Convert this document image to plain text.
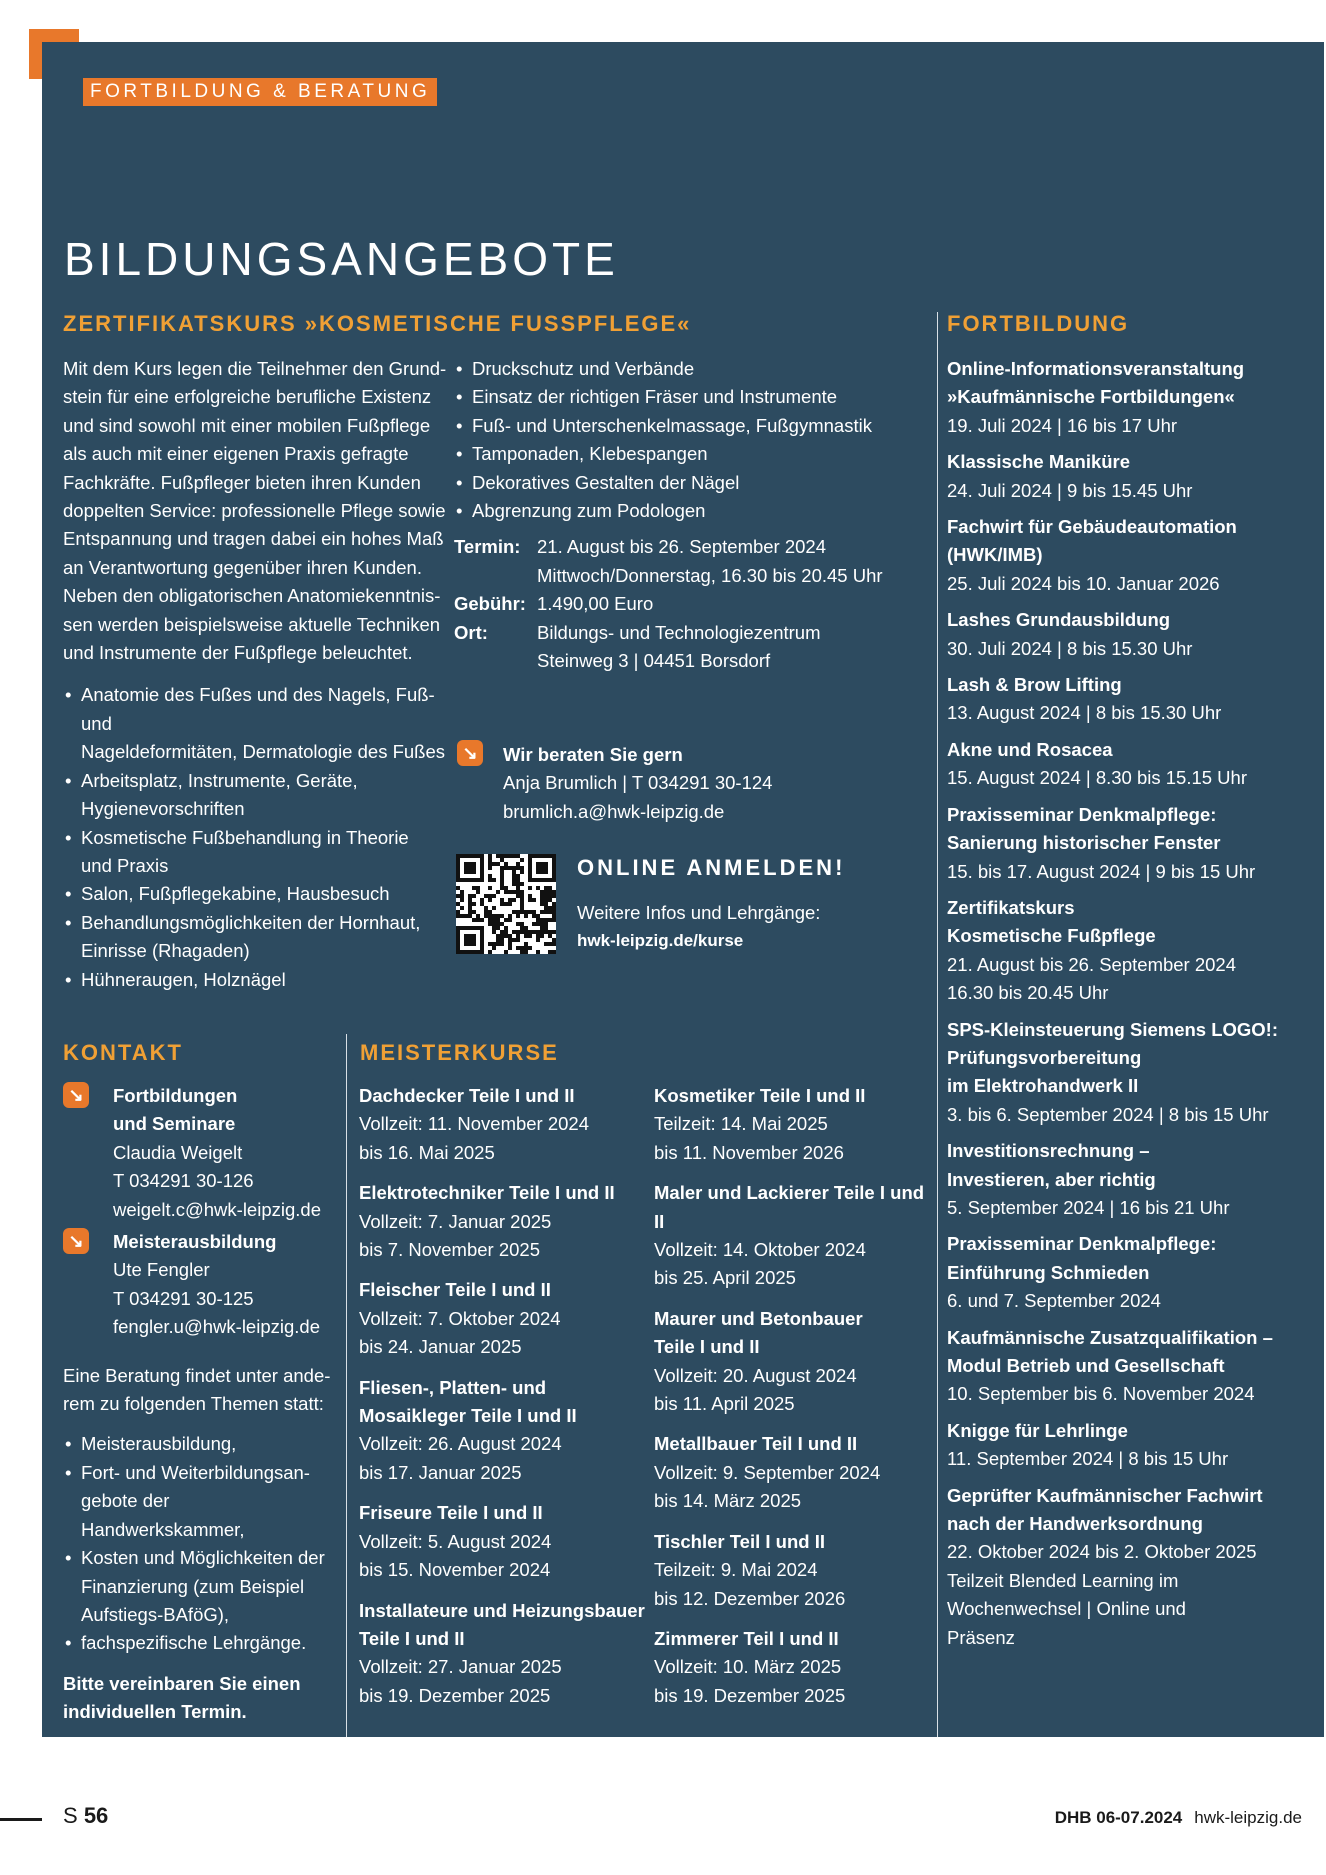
FORTBILDUNG & BERATUNG
BILDUNGSANGEBOTE
ZERTIFIKATSKURS »KOSMETISCHE FUSSPFLEGE«
Mit dem Kurs legen die Teilnehmer den Grund-
stein für eine erfolgreiche berufliche Existenz
und sind sowohl mit einer mobilen Fußpflege
als auch mit einer eigenen Praxis gefragte
Fachkräfte. Fußpfleger bieten ihren Kunden
doppelten Service: professionelle Pflege sowie
Entspannung und tragen dabei ein hohes Maß
an Verantwortung gegenüber ihren Kunden.
Neben den obligatorischen Anatomiekenntnis-
sen werden beispielsweise aktuelle Techniken
und Instrumente der Fußpflege beleuchtet.
• Anatomie des Fußes und des Nagels, Fuß- und
Nageldeformitäten, Dermatologie des Fußes
• Arbeitsplatz, Instrumente, Geräte,
Hygienevorschriften
• Kosmetische Fußbehandlung in Theorie
und Praxis
• Salon, Fußpflegekabine, Hausbesuch
• Behandlungsmöglichkeiten der Hornhaut,
Einrisse (Rhagaden)
• Hühneraugen, Holznägel
• Druckschutz und Verbände
• Einsatz der richtigen Fräser und Instrumente
• Fuß- und Unterschenkelmassage, Fußgymnastik
• Tamponaden, Klebespangen
• Dekoratives Gestalten der Nägel
• Abgrenzung zum Podologen
Termin: 21. August bis 26. September 2024
Mittwoch/Donnerstag, 16.30 bis 20.45 Uhr
Gebühr: 1.490,00 Euro
Ort:	Bildungs- und Technologiezentrum
Steinweg 3 | 04451 Borsdorf
↘ Wir beraten Sie gern
Anja Brumlich | T 034291 30-124
brumlich.a@hwk-leipzig.de
ONLINE ANMELDEN!
Weitere Infos und Lehrgänge:
hwk-leipzig.de/kurse
KONTAKT
↘ Fortbildungen
und Seminare
Claudia Weigelt
T 034291 30-126
weigelt.c@hwk-leipzig.de
↘ Meisterausbildung
Ute Fengler
T 034291 30-125
fengler.u@hwk-leipzig.de
Eine Beratung findet unter ande-
rem zu folgenden Themen statt:
• Meisterausbildung,
• Fort- und Weiterbildungsan-
gebote der Handwerkskammer,
• Kosten und Möglichkeiten der
Finanzierung (zum Beispiel
Aufstiegs-BAföG),
• fachspezifische Lehrgänge.
Bitte vereinbaren Sie einen
individuellen Termin.
MEISTERKURSE
Dachdecker Teile I und II
Vollzeit: 11. November 2024
bis 16. Mai 2025
Elektrotechniker Teile I und II
Vollzeit: 7. Januar 2025
bis 7. November 2025
Fleischer Teile I und II
Vollzeit: 7. Oktober 2024
bis 24. Januar 2025
Fliesen-, Platten- und
Mosaikleger Teile I und II
Vollzeit: 26. August 2024
bis 17. Januar 2025
Friseure Teile I und II
Vollzeit: 5. August 2024
bis 15. November 2024
Installateure und Heizungsbauer
Teile I und II
Vollzeit: 27. Januar 2025
bis 19. Dezember 2025
Kosmetiker Teile I und II
Teilzeit: 14. Mai 2025
bis 11. November 2026
Maler und Lackierer Teile I und II
Vollzeit: 14. Oktober 2024
bis 25. April 2025
Maurer und Betonbauer
Teile I und II
Vollzeit: 20. August 2024
bis 11. April 2025
Metallbauer Teil I und II
Vollzeit: 9. September 2024
bis 14. März 2025
Tischler Teil I und II
Teilzeit: 9. Mai 2024
bis 12. Dezember 2026
Zimmerer Teil I und II
Vollzeit: 10. März 2025
bis 19. Dezember 2025
FORTBILDUNG
Online-Informationsveranstaltung
»Kaufmännische Fortbildungen«
19. Juli 2024 | 16 bis 17 Uhr
Klassische Maniküre
24. Juli 2024 | 9 bis 15.45 Uhr
Fachwirt für Gebäudeautomation
(HWK/IMB)
25. Juli 2024 bis 10. Januar 2026
Lashes Grundausbildung
30. Juli 2024 | 8 bis 15.30 Uhr
Lash & Brow Lifting
13. August 2024 | 8 bis 15.30 Uhr
Akne und Rosacea
15. August 2024 | 8.30 bis 15.15 Uhr
Praxisseminar Denkmalpflege:
Sanierung historischer Fenster
15. bis 17. August 2024 | 9 bis 15 Uhr
Zertifikatskurs
Kosmetische Fußpflege
21. August bis 26. September 2024
16.30 bis 20.45 Uhr
SPS-Kleinsteuerung Siemens LOGO!:
Prüfungsvorbereitung
im Elektrohandwerk II
3. bis 6. September 2024 | 8 bis 15 Uhr
Investitionsrechnung –
Investieren, aber richtig
5. September 2024 | 16 bis 21 Uhr
Praxisseminar Denkmalpflege:
Einführung Schmieden
6. und 7. September 2024
Kaufmännische Zusatzqualifikation –
Modul Betrieb und Gesellschaft
10. September bis 6. November 2024
Knigge für Lehrlinge
11. September 2024 | 8 bis 15 Uhr
Geprüfter Kaufmännischer Fachwirt
nach der Handwerksordnung
22. Oktober 2024 bis 2. Oktober 2025
Teilzeit Blended Learning im
Wochenwechsel | Online und
Präsenz
S 56	DHB 06-07.2024 hwk-leipzig.de
